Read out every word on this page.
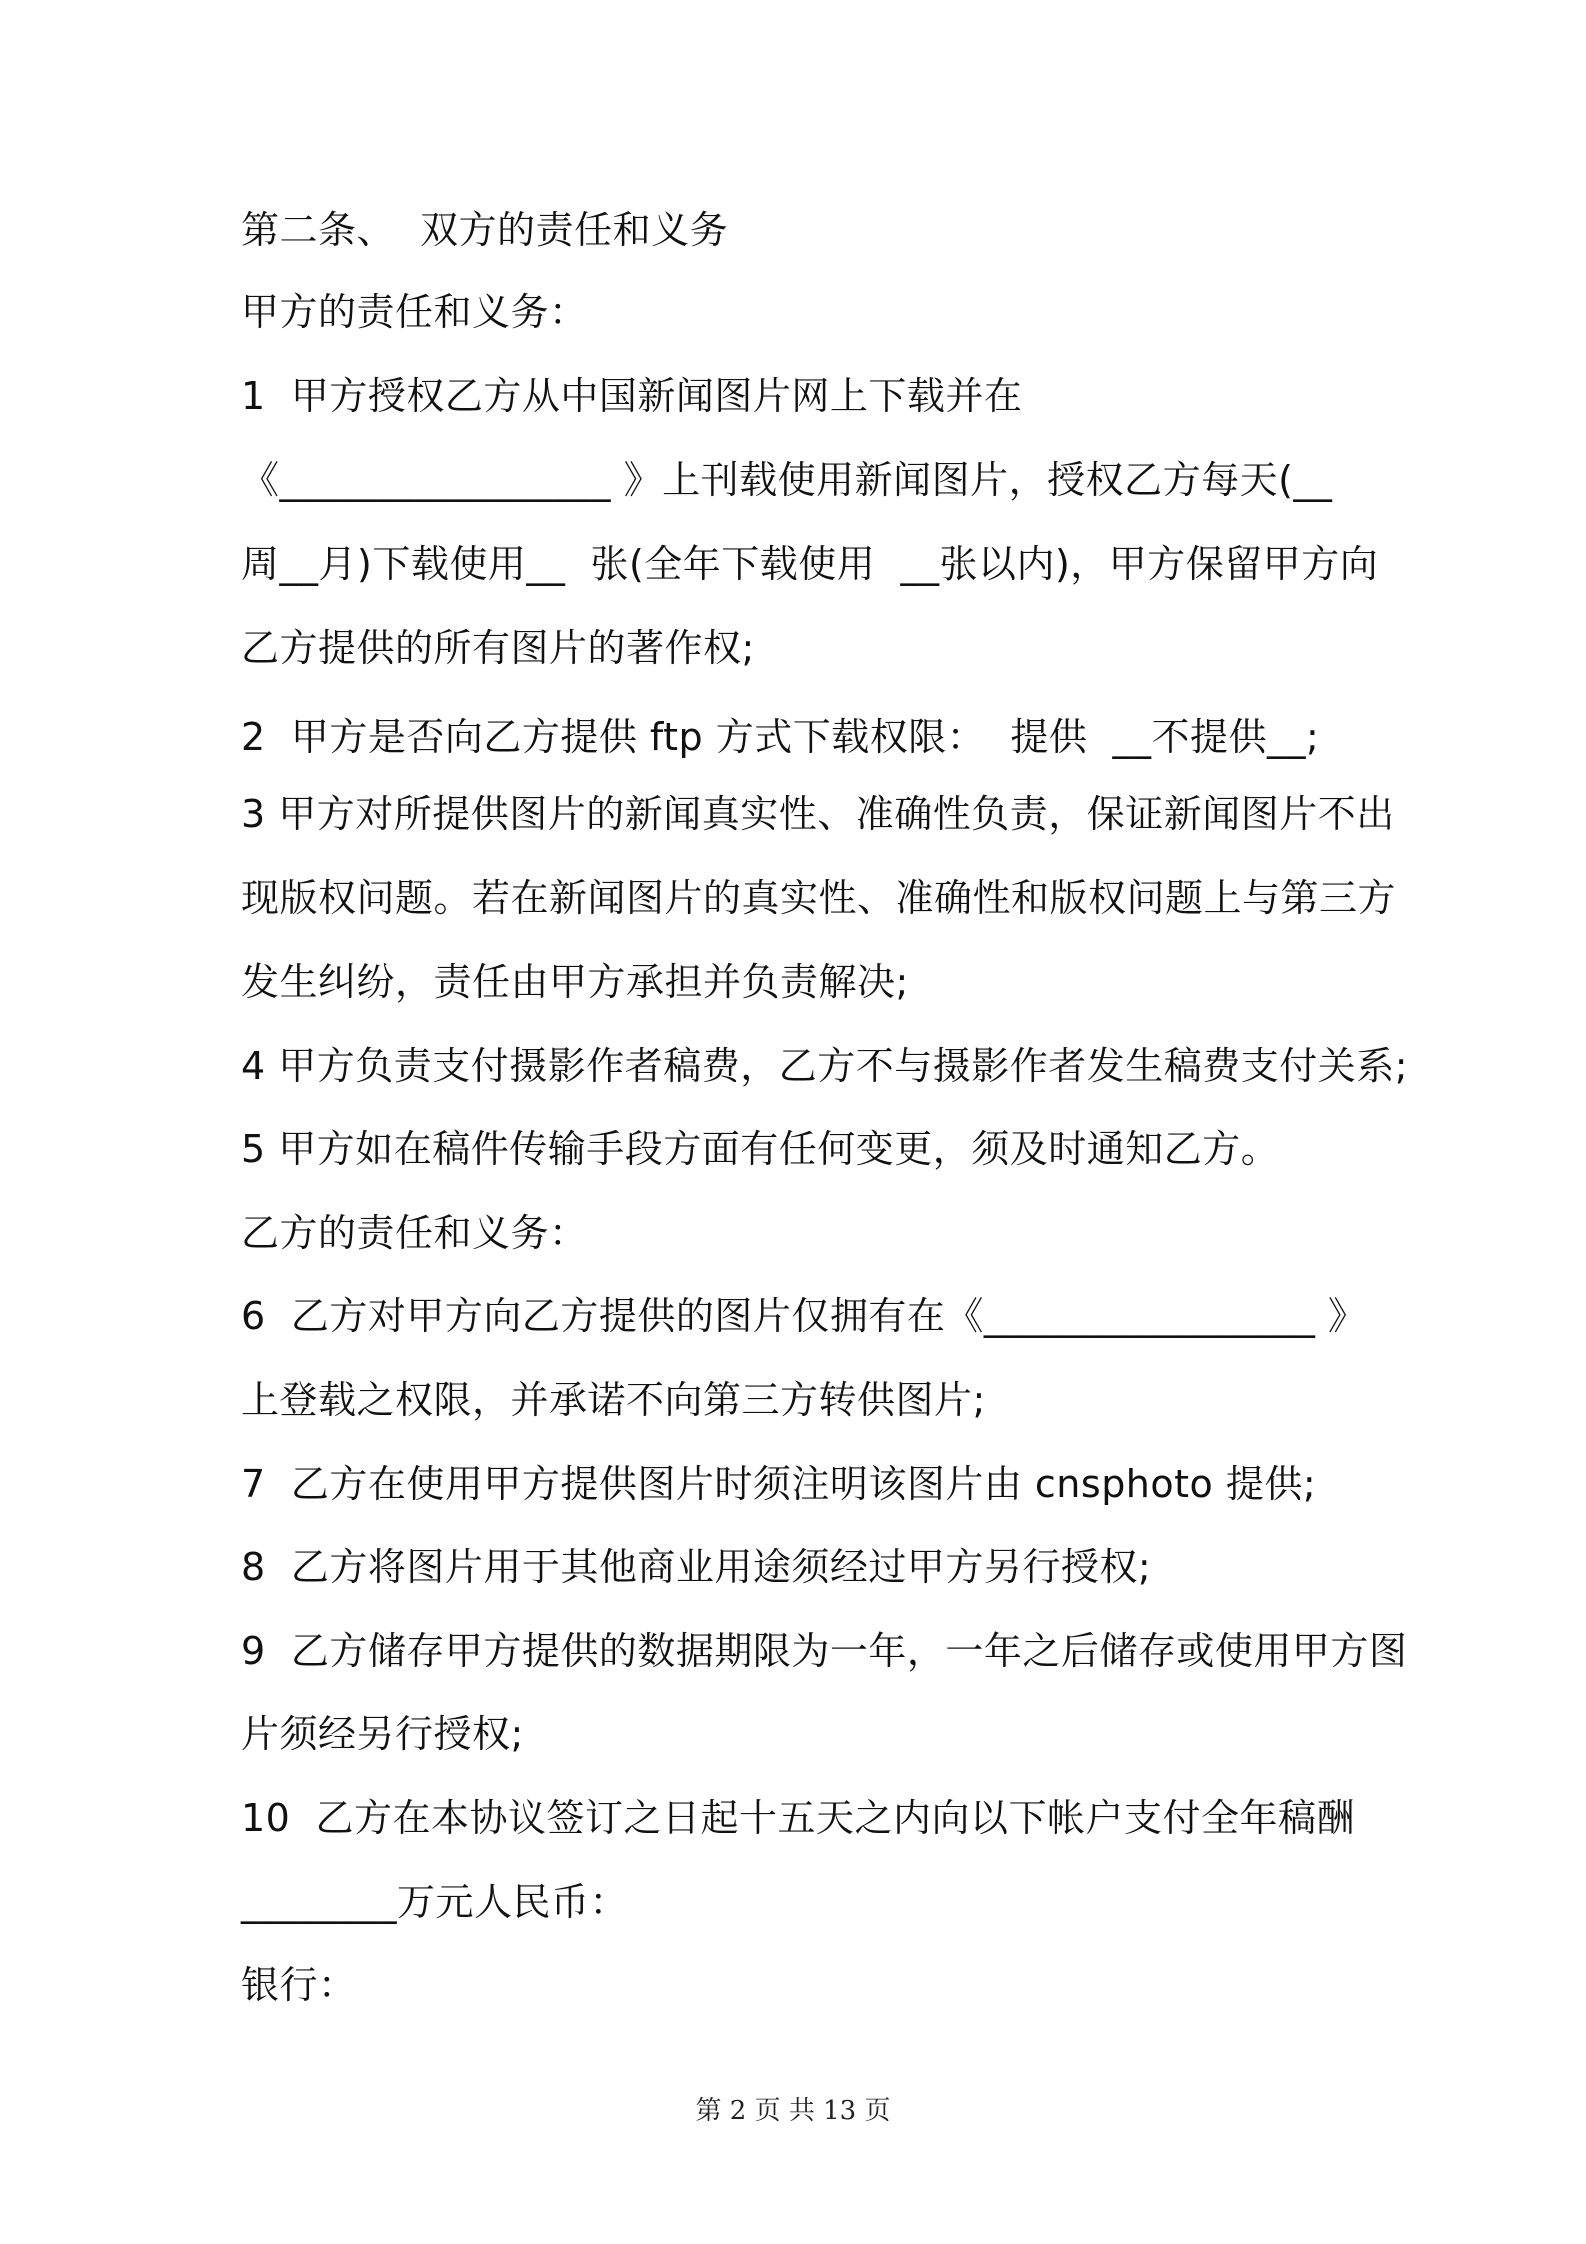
第二条、  双方的责任和义务
甲方的责任和义务：
1  甲方授权乙方从中国新闻图片网上下载并在
《_________________ 》上刊载使用新闻图片，授权乙方每天(__
周__月)下载使用__  张(全年下载使用  __张以内)，甲方保留甲方向
乙方提供的所有图片的著作权;
2  甲方是否向乙方提供 ftp 方式下载权限：  提供  __不提供__;
3 甲方对所提供图片的新闻真实性、准确性负责，保证新闻图片不出
现版权问题。若在新闻图片的真实性、准确性和版权问题上与第三方
发生纠纷，责任由甲方承担并负责解决;
4 甲方负责支付摄影作者稿费，乙方不与摄影作者发生稿费支付关系;
5 甲方如在稿件传输手段方面有任何变更，须及时通知乙方。
乙方的责任和义务：
6  乙方对甲方向乙方提供的图片仅拥有在《_________________ 》
上登载之权限，并承诺不向第三方转供图片;
7  乙方在使用甲方提供图片时须注明该图片由 cnsphoto 提供;
8  乙方将图片用于其他商业用途须经过甲方另行授权;
9  乙方储存甲方提供的数据期限为一年，一年之后储存或使用甲方图
片须经另行授权;
10  乙方在本协议签订之日起十五天之内向以下帐户支付全年稿酬
________万元人民币：
银行：
第 2 页 共 13 页
